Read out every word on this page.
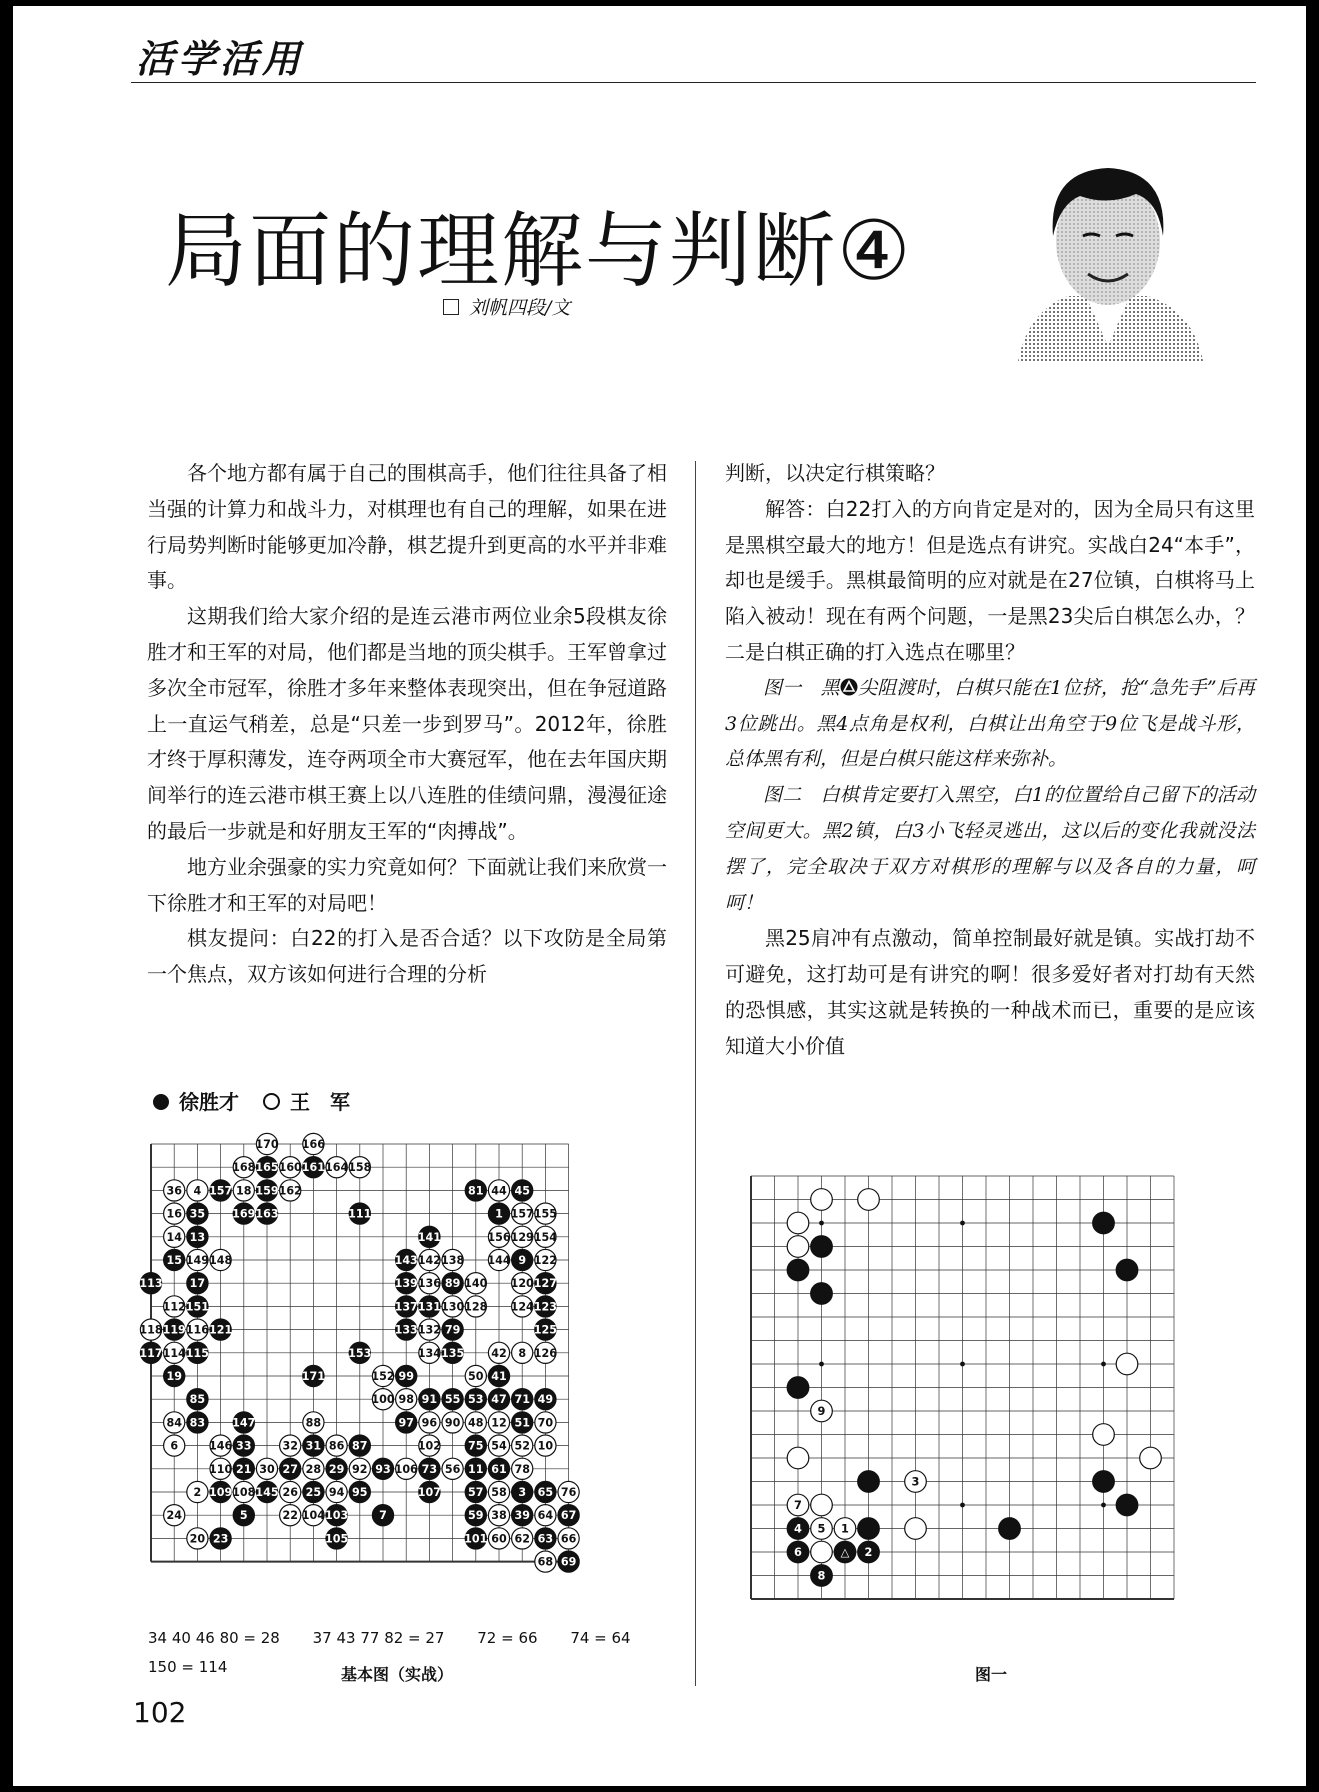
活学活用
局面的理解与判断④
刘帆四段/文

各个地方都有属于自己的围棋高手，他们往往具备了相当强的计算力和战斗力，对棋理也有自己的理解，如果在进行局势判断时能够更加冷静，棋艺提升到更高的水平并非难事。

这期我们给大家介绍的是连云港市两位业余5段棋友徐胜才和王军的对局，他们都是当地的顶尖棋手。王军曾拿过多次全市冠军，徐胜才多年来整体表现突出，但在争冠道路上一直运气稍差，总是“只差一步到罗马”。2012年，徐胜才终于厚积薄发，连夺两项全市大赛冠军，他在去年国庆期间举行的连云港市棋王赛上以八连胜的佳绩问鼎，漫漫征途的最后一步就是和好朋友王军的“肉搏战”。

地方业余强豪的实力究竟如何？下面就让我们来欣赏一下徐胜才和王军的对局吧！

棋友提问：白22的打入是否合适？以下攻防是全局第一个焦点，双方该如何进行合理的分析

判断，以决定行棋策略？

解答：白22打入的方向肯定是对的，因为全局只有这里是黑棋空最大的地方！但是选点有讲究。实战白24“本手”，却也是缓手。黑棋最简明的应对就是在27位镇，白棋将马上陷入被动！现在有两个问题，一是黑23尖后白棋怎么办，？二是白棋正确的打入选点在哪里？

图一　 黑 尖阻渡时，白棋只能在1位挤，抢“急先手”后再3位跳出。黑4点角是权利，白棋让出角空于9位飞是战斗形，总体黑有利，但是白棋只能这样来弥补。

图二　 白棋肯定要打入黑空，白1的位置给自己留下的活动空间更大。黑2镇，白3小飞轻灵逃出，这以后的变化我就没法摆了，完全取决于双方对棋形的理解与以及各自的力量，呵呵！

黑25肩冲有点激动，简单控制最好就是镇。实战打劫不可避免，这打劫可是有讲究的啊！很多爱好者对打劫有天然的恐惧感，其实这就是转换的一种战术而已，重要的是应该知道大小价值

徐胜才	王　军
170 166
168 165 160 161 164 158
36 4 157 18 159 162	81 44 45
16 35 169 163	111	1 157 155
14 13	141	156 129 154
15 149 148	143 142 138 144 9 122
113 17	139 136 89 140 120 127
112 151	137 131 130 128 124 123
118 119 116 121	133 132 79	125
117 114 115	153	134 135 42 8 126
19	171	152 99	50 41
85	100 98 91 55 53 47 71 49
84 83 147	88	97 96 90 48 12 51 70
6	146 33	32 31 86 87	102 75 54 52 10
110 21 30 27 28 29 92 93 106 73 56 11 61 78
2 109 108 145 26 25 94 95	107 57 58 3 65 76
24	5	22 104 103	7	59 38 39 64 67
20 23	105	101 60 62 63 66
68 69
34 40 46 80 = 28 37 43 77 82 = 27 72 = 66 74 = 64
150 = 114	基本图（实战）
9
3
7
4 5 1
6	△ 2
8
图一
102
